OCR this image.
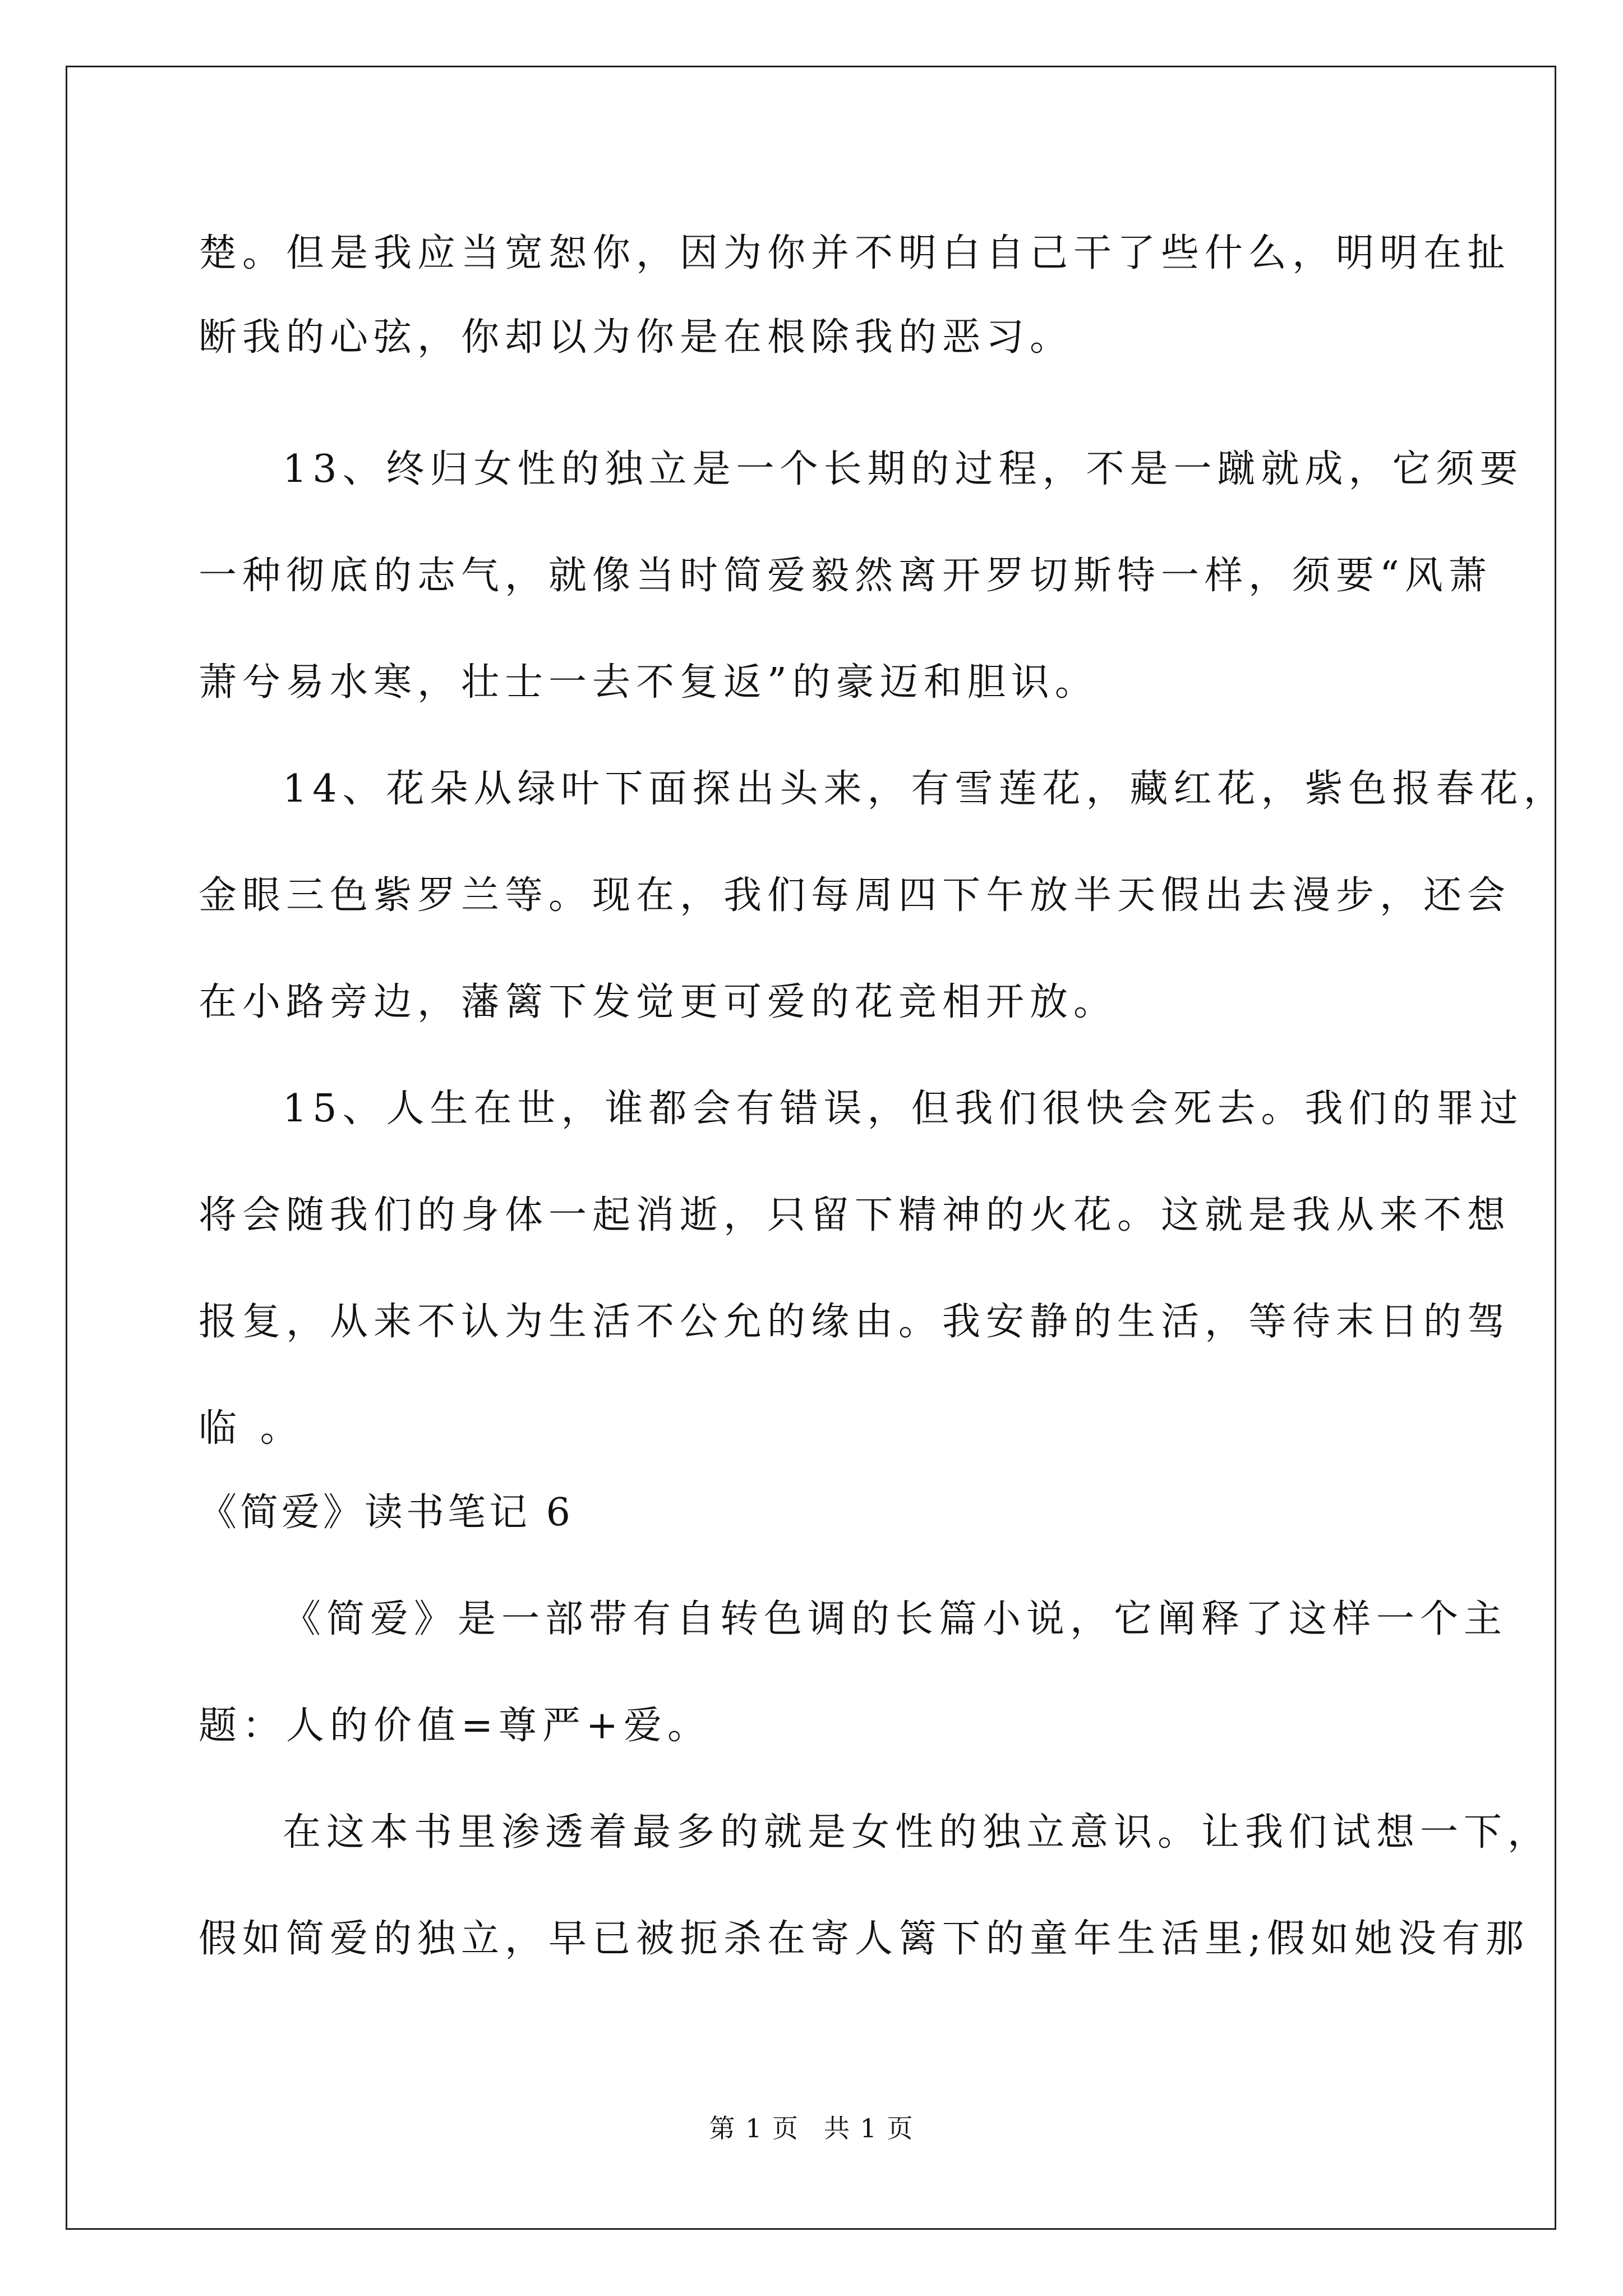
楚。但是我应当宽恕你，因为你并不明白自己干了些什么，明明在扯
断我的心弦，你却以为你是在根除我的恶习。
13、终归女性的独立是一个长期的过程，不是一蹴就成，它须要
一种彻底的志气，就像当时简爱毅然离开罗切斯特一样，须要“风萧
萧兮易水寒，壮士一去不复返”的豪迈和胆识。
14、花朵从绿叶下面探出头来，有雪莲花，藏红花，紫色报春花，
金眼三色紫罗兰等。现在，我们每周四下午放半天假出去漫步，还会
在小路旁边，藩篱下发觉更可爱的花竞相开放。
15、人生在世，谁都会有错误，但我们很快会死去。我们的罪过
将会随我们的身体一起消逝，只留下精神的火花。这就是我从来不想
报复，从来不认为生活不公允的缘由。我安静的生活，等待末日的驾
临 。
《简爱》读书笔记 6
《简爱》是一部带有自转色调的长篇小说，它阐释了这样一个主
题：人的价值=尊严+爱。
在这本书里渗透着最多的就是女性的独立意识。让我们试想一下，
假如简爱的独立，早已被扼杀在寄人篱下的童年生活里;假如她没有那
第 1 页 共 1 页
